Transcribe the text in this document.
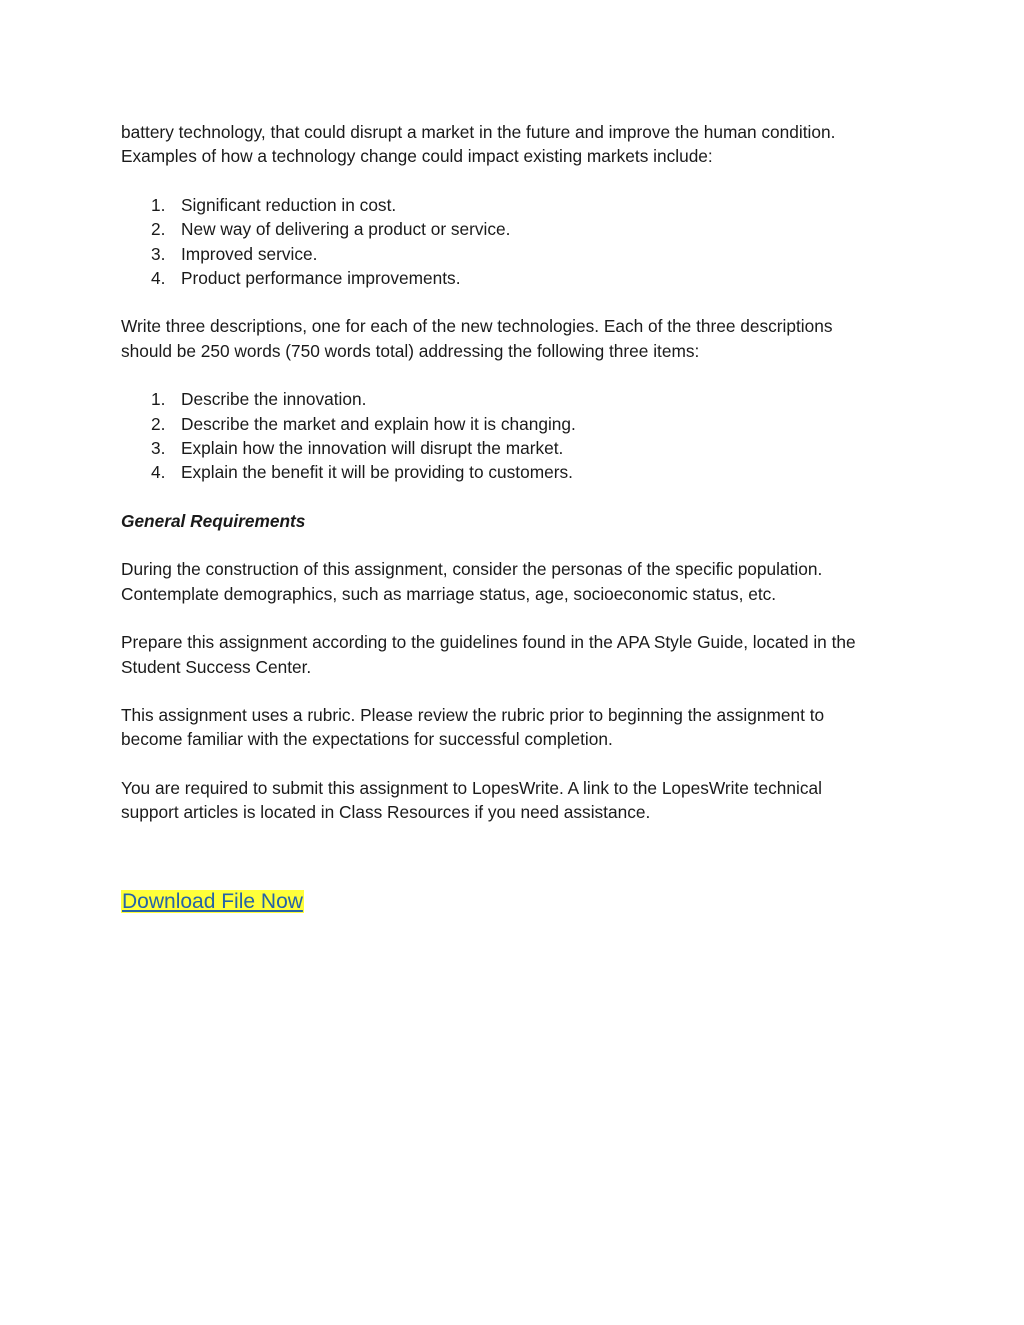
battery technology, that could disrupt a market in the future and improve the human condition.
Examples of how a technology change could impact existing markets include:

1. Significant reduction in cost.
2. New way of delivering a product or service.
3. Improved service.
4. Product performance improvements.

Write three descriptions, one for each of the new technologies. Each of the three descriptions
should be 250 words (750 words total) addressing the following three items:

1. Describe the innovation.
2. Describe the market and explain how it is changing.
3. Explain how the innovation will disrupt the market.
4. Explain the benefit it will be providing to customers.
General Requirements

During the construction of this assignment, consider the personas of the specific population.
Contemplate demographics, such as marriage status, age, socioeconomic status, etc.

Prepare this assignment according to the guidelines found in the APA Style Guide, located in the
Student Success Center.

This assignment uses a rubric. Please review the rubric prior to beginning the assignment to
become familiar with the expectations for successful completion.

You are required to submit this assignment to LopesWrite. A link to the LopesWrite technical
support articles is located in Class Resources if you need assistance.

Download File Now
